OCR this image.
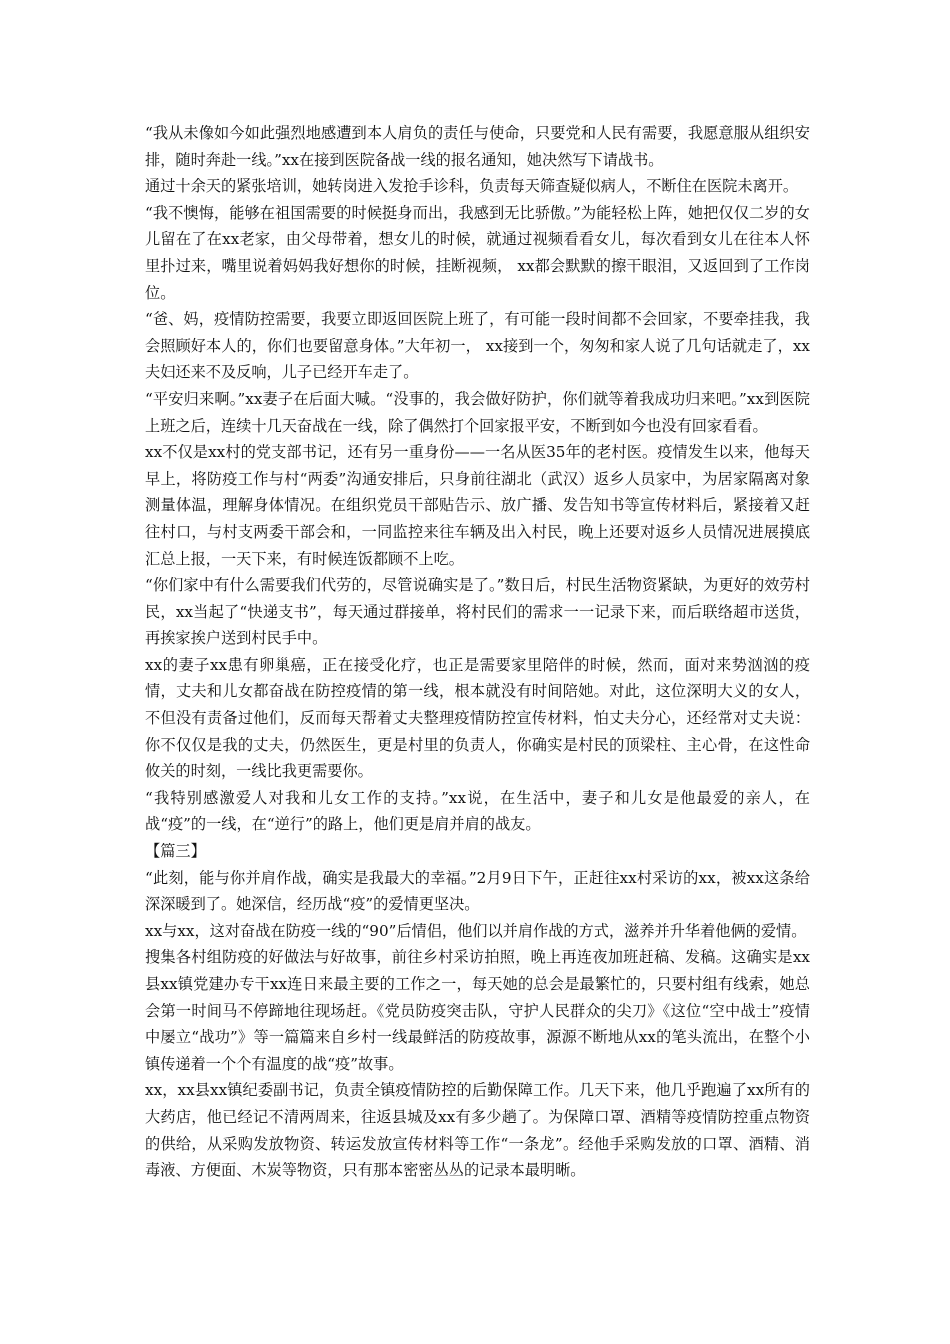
“我从未像如今如此强烈地感遭到本人肩负的责任与使命，只要党和人民有需要，我愿意服从组织安排，随时奔赴一线。”xx在接到医院备战一线的报名通知，她决然写下请战书。

通过十余天的紧张培训，她转岗进入发抢手诊科，负责每天筛查疑似病人，不断住在医院未离开。

“我不懊悔，能够在祖国需要的时候挺身而出，我感到无比骄傲。”为能轻松上阵，她把仅仅二岁的女儿留在了在xx老家，由父母带着，想女儿的时候，就通过视频看看女儿，每次看到女儿在往本人怀里扑过来，嘴里说着妈妈我好想你的时候，挂断视频， xx都会默默的擦干眼泪，又返回到了工作岗位。

“爸、妈，疫情防控需要，我要立即返回医院上班了，有可能一段时间都不会回家，不要牵挂我，我会照顾好本人的，你们也要留意身体。”大年初一， xx接到一个，匆匆和家人说了几句话就走了，xx夫妇还来不及反响，儿子已经开车走了。

“平安归来啊。”xx妻子在后面大喊。“没事的，我会做好防护，你们就等着我成功归来吧。”xx到医院上班之后，连续十几天奋战在一线，除了偶然打个回家报平安，不断到如今也没有回家看看。

xx不仅是xx村的党支部书记，还有另一重身份——一名从医35年的老村医。疫情发生以来，他每天早上，将防疫工作与村“两委”沟通安排后，只身前往湖北（武汉）返乡人员家中，为居家隔离对象测量体温，理解身体情况。在组织党员干部贴告示、放广播、发告知书等宣传材料后，紧接着又赶往村口，与村支两委干部会和，一同监控来往车辆及出入村民，晚上还要对返乡人员情况进展摸底汇总上报，一天下来，有时候连饭都顾不上吃。

“你们家中有什么需要我们代劳的，尽管说确实是了。”数日后，村民生活物资紧缺，为更好的效劳村民，xx当起了“快递支书”，每天通过群接单，将村民们的需求一一记录下来，而后联络超市送货，再挨家挨户送到村民手中。

xx的妻子xx患有卵巢癌，正在接受化疗，也正是需要家里陪伴的时候，然而，面对来势汹汹的疫情，丈夫和儿女都奋战在防控疫情的第一线，根本就没有时间陪她。对此，这位深明大义的女人，不但没有责备过他们，反而每天帮着丈夫整理疫情防控宣传材料，怕丈夫分心，还经常对丈夫说：你不仅仅是我的丈夫，仍然医生，更是村里的负责人，你确实是村民的顶梁柱、主心骨，在这性命攸关的时刻，一线比我更需要你。

“我特别感激爱人对我和儿女工作的支持。”xx说，在生活中，妻子和儿女是他最爱的亲人，在战“疫”的一线，在“逆行”的路上，他们更是肩并肩的战友。

【篇三】

“此刻，能与你并肩作战，确实是我最大的幸福。”2月9日下午，正赶往xx村采访的xx，被xx这条给深深暖到了。她深信，经历战“疫”的爱情更坚决。

xx与xx，这对奋战在防疫一线的“90”后情侣，他们以并肩作战的方式，滋养并升华着他俩的爱情。

搜集各村组防疫的好做法与好故事，前往乡村采访拍照，晚上再连夜加班赶稿、发稿。这确实是xx县xx镇党建办专干xx连日来最主要的工作之一，每天她的总会是最繁忙的，只要村组有线索，她总会第一时间马不停蹄地往现场赶。《党员防疫突击队，守护人民群众的尖刀》《这位“空中战士”疫情中屡立“战功”》等一篇篇来自乡村一线最鲜活的防疫故事，源源不断地从xx的笔头流出，在整个小镇传递着一个个有温度的战“疫”故事。

xx，xx县xx镇纪委副书记，负责全镇疫情防控的后勤保障工作。几天下来，他几乎跑遍了xx所有的大药店，他已经记不清两周来，往返县城及xx有多少趟了。为保障口罩、酒精等疫情防控重点物资的供给，从采购发放物资、转运发放宣传材料等工作“一条龙”。经他手采购发放的口罩、酒精、消毒液、方便面、木炭等物资，只有那本密密丛丛的记录本最明晰。
